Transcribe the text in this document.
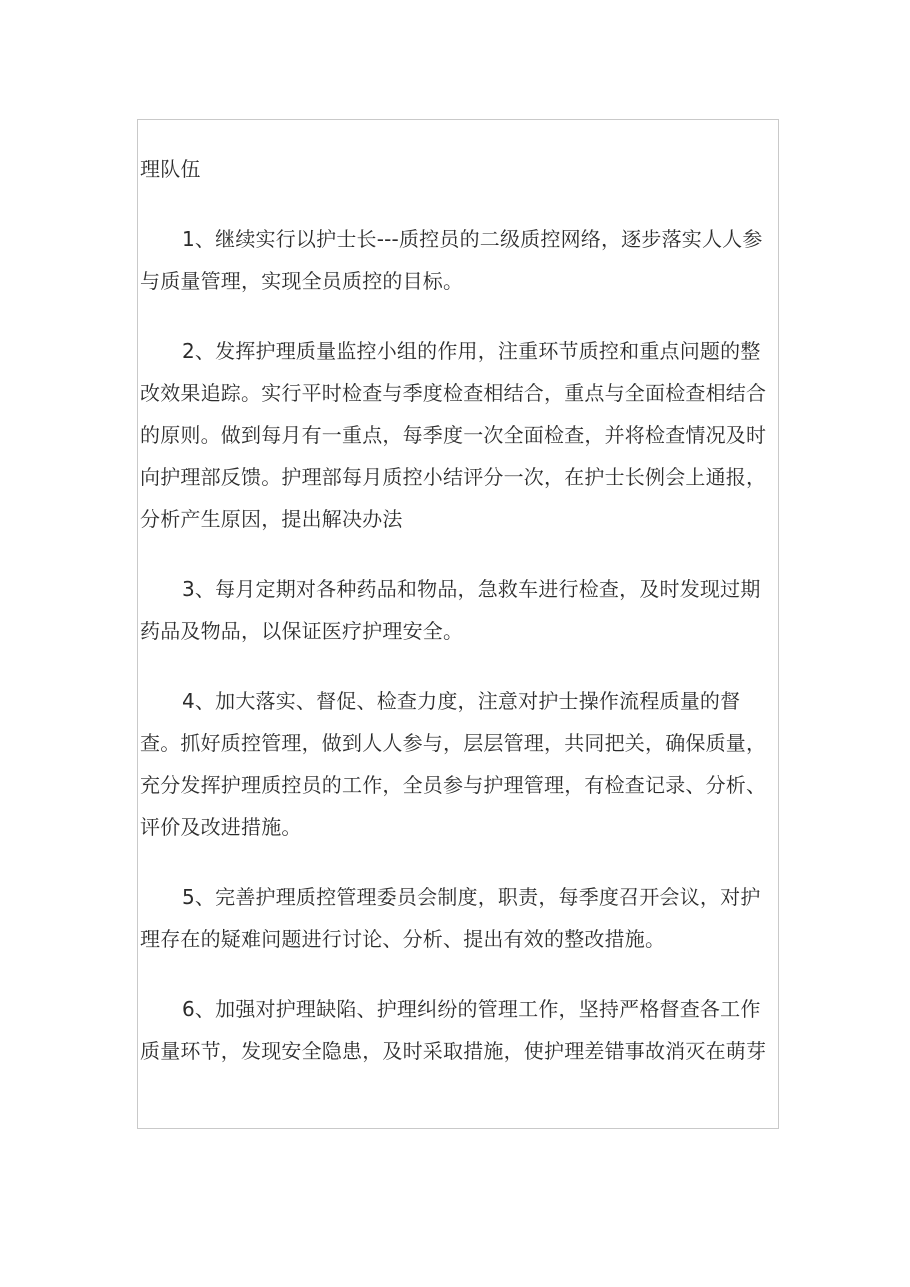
理队伍
1、继续实行以护士长---质控员的二级质控网络，逐步落实人人参
与质量管理，实现全员质控的目标。
2、发挥护理质量监控小组的作用，注重环节质控和重点问题的整
改效果追踪。实行平时检查与季度检查相结合，重点与全面检查相结合
的原则。做到每月有一重点，每季度一次全面检查，并将检查情况及时
向护理部反馈。护理部每月质控小结评分一次，在护士长例会上通报，
分析产生原因，提出解决办法
3、每月定期对各种药品和物品，急救车进行检查，及时发现过期
药品及物品，以保证医疗护理安全。
4、加大落实、督促、检查力度，注意对护士操作流程质量的督
查。抓好质控管理，做到人人参与，层层管理，共同把关，确保质量，
充分发挥护理质控员的工作，全员参与护理管理，有检查记录、分析、
评价及改进措施。
5、完善护理质控管理委员会制度，职责，每季度召开会议，对护
理存在的疑难问题进行讨论、分析、提出有效的整改措施。
6、加强对护理缺陷、护理纠纷的管理工作，坚持严格督查各工作
质量环节，发现安全隐患，及时采取措施，使护理差错事故消灭在萌芽
